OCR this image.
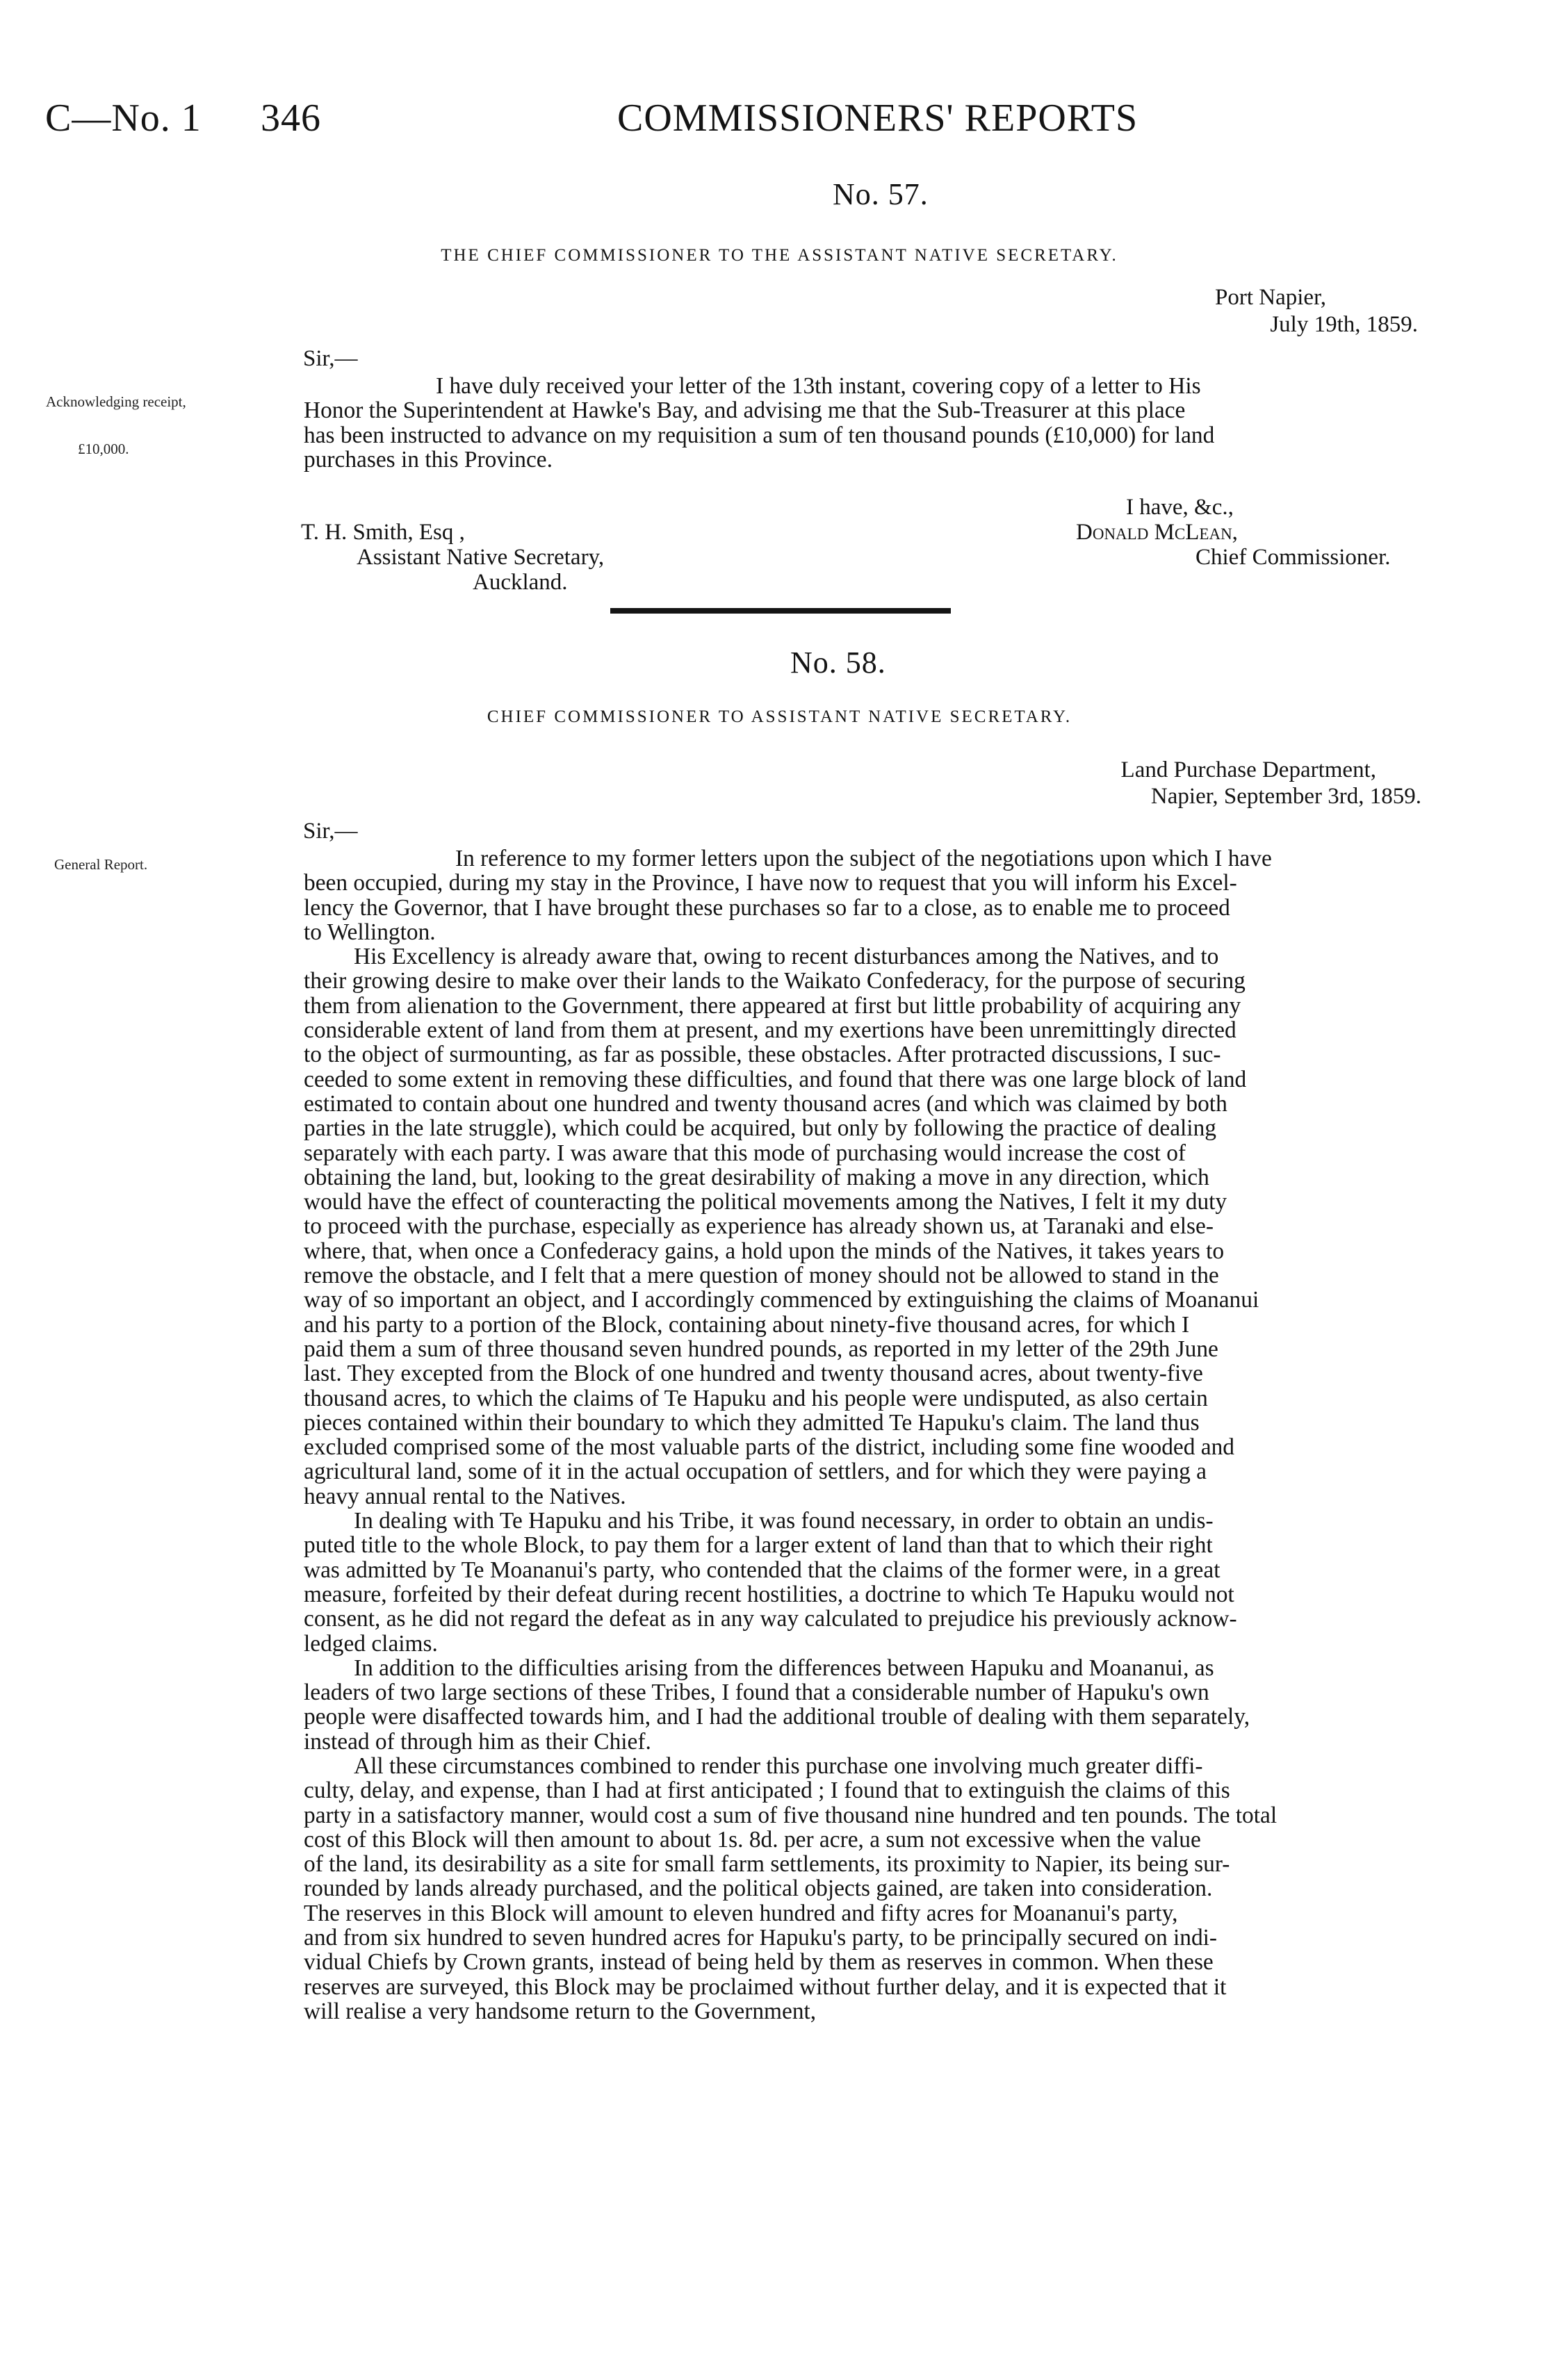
C—No. 1 346	COMMISSIONERS' REPORTS
No. 57.
THE CHIEF COMMISSIONER TO THE ASSISTANT NATIVE SECRETARY.
Port Napier,
July 19th, 1859.
Sir,—
Acknowledging receipt,
£10,000.
I have duly received your letter of the 13th instant, covering copy of a letter to His
Honor the Superintendent at Hawke's Bay, and advising me that the Sub-Treasurer at this place
has been instructed to advance on my requisition a sum of ten thousand pounds (£10,000) for land
purchases in this Province.
I have, &c.,
Donald McLean,
Chief Commissioner.
T. H. Smith, Esq ,
Assistant Native Secretary,
Auckland.
No. 58.
CHIEF COMMISSIONER TO ASSISTANT NATIVE SECRETARY.
Land Purchase Department,
Napier, September 3rd, 1859.
Sir,—
General Report.	In reference to my former letters upon the subject of the negotiations upon which I have
been occupied, during my stay in the Province, I have now to request that you will inform his Excel-
lency the Governor, that I have brought these purchases so far to a close, as to enable me to proceed
to Wellington.
His Excellency is already aware that, owing to recent disturbances among the Natives, and to
their growing desire to make over their lands to the Waikato Confederacy, for the purpose of securing
them from alienation to the Government, there appeared at first but little probability of acquiring any
considerable extent of land from them at present, and my exertions have been unremittingly directed
to the object of surmounting, as far as possible, these obstacles. After protracted discussions, I suc-
ceeded to some extent in removing these difficulties, and found that there was one large block of land
estimated to contain about one hundred and twenty thousand acres (and which was claimed by both
parties in the late struggle), which could be acquired, but only by following the practice of dealing
separately with each party. I was aware that this mode of purchasing would increase the cost of
obtaining the land, but, looking to the great desirability of making a move in any direction, which
would have the effect of counteracting the political movements among the Natives, I felt it my duty
to proceed with the purchase, especially as experience has already shown us, at Taranaki and else-
where, that, when once a Confederacy gains, a hold upon the minds of the Natives, it takes years to
remove the obstacle, and I felt that a mere question of money should not be allowed to stand in the
way of so important an object, and I accordingly commenced by extinguishing the claims of Moananui
and his party to a portion of the Block, containing about ninety-five thousand acres, for which I
paid them a sum of three thousand seven hundred pounds, as reported in my letter of the 29th June
last. They excepted from the Block of one hundred and twenty thousand acres, about twenty-five
thousand acres, to which the claims of Te Hapuku and his people were undisputed, as also certain
pieces contained within their boundary to which they admitted Te Hapuku's claim. The land thus
excluded comprised some of the most valuable parts of the district, including some fine wooded and
agricultural land, some of it in the actual occupation of settlers, and for which they were paying a
heavy annual rental to the Natives.
In dealing with Te Hapuku and his Tribe, it was found necessary, in order to obtain an undis-
puted title to the whole Block, to pay them for a larger extent of land than that to which their right
was admitted by Te Moananui's party, who contended that the claims of the former were, in a great
measure, forfeited by their defeat during recent hostilities, a doctrine to which Te Hapuku would not
consent, as he did not regard the defeat as in any way calculated to prejudice his previously acknow-
ledged claims.
In addition to the difficulties arising from the differences between Hapuku and Moananui, as
leaders of two large sections of these Tribes, I found that a considerable number of Hapuku's own
people were disaffected towards him, and I had the additional trouble of dealing with them separately,
instead of through him as their Chief.
All these circumstances combined to render this purchase one involving much greater diffi-
culty, delay, and expense, than I had at first anticipated ; I found that to extinguish the claims of this
party in a satisfactory manner, would cost a sum of five thousand nine hundred and ten pounds. The total
cost of this Block will then amount to about 1s. 8d. per acre, a sum not excessive when the value
of the land, its desirability as a site for small farm settlements, its proximity to Napier, its being sur-
rounded by lands already purchased, and the political objects gained, are taken into consideration.
The reserves in this Block will amount to eleven hundred and fifty acres for Moananui's party,
and from six hundred to seven hundred acres for Hapuku's party, to be principally secured on indi-
vidual Chiefs by Crown grants, instead of being held by them as reserves in common. When these
reserves are surveyed, this Block may be proclaimed without further delay, and it is expected that it
will realise a very handsome return to the Government,
